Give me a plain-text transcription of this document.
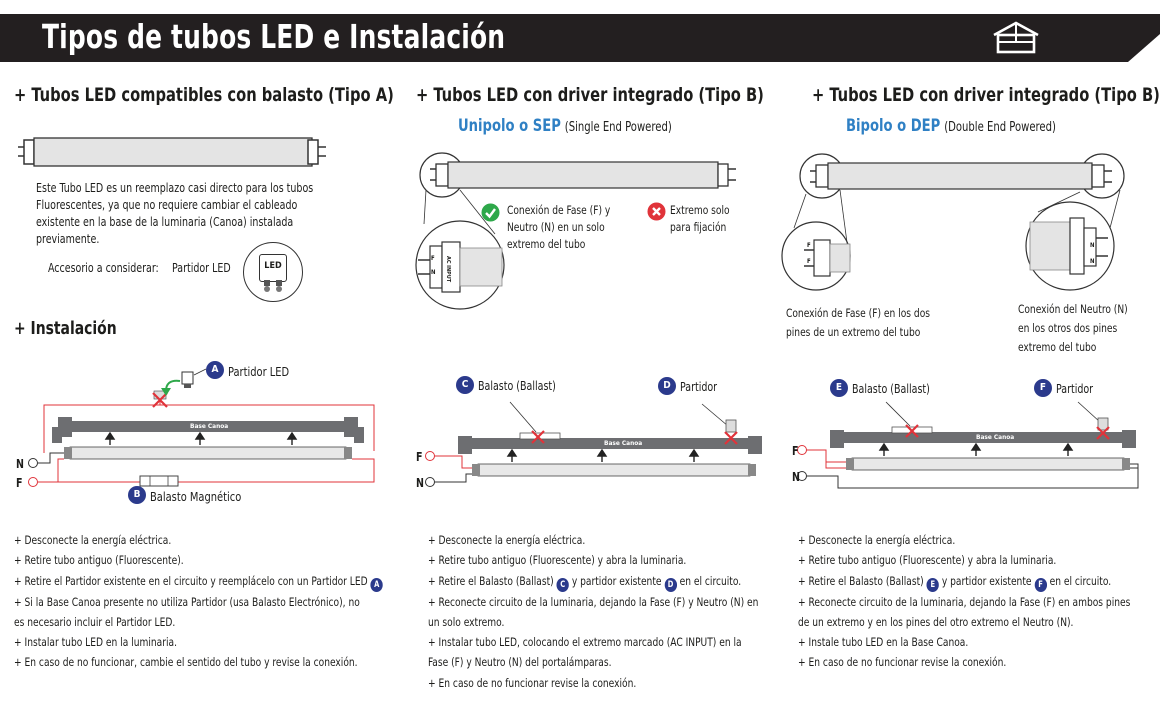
Tipos de tubos LED e Instalación
+ Tubos LED compatibles con balasto (Tipo A)
Este Tubo LED es un reemplazo casi directo para los tubos Fluorescentes, ya que no requiere cambiar el cableado existente en la base de la luminaria (Canoa) instalada previamente.
Accesorio a considerar: Partidor LED	LED
+ Instalación
A Partidor LED
Base Canoa
N
F
B Balasto Magnético
+ Desconecte la energía eléctrica.
+ Retire tubo antiguo (Fluorescente).
+ Retire el Partidor existente en el circuito y reemplácelo con un Partidor LED A
+ Si la Base Canoa presente no utiliza Partidor (usa Balasto Electrónico), no
es necesario incluir el Partidor LED.
+ Instalar tubo LED en la luminaria.
+ En caso de no funcionar, cambie el sentido del tubo y revise la conexión.
+ Tubos LED con driver integrado (Tipo B)
Unipolo o SEP (Single End Powered)
F
N AC INPUT
Conexión de Fase (F) y Neutro (N) en un solo extremo del tubo
Extremo solo para fijación
C Balasto (Ballast)	D Partidor
Base Canoa
F
N
+ Desconecte la energía eléctrica.
+ Retire tubo antiguo (Fluorescente) y abra la luminaria.
+ Retire el Balasto (Ballast) C y partidor existente D en el circuito.
+ Reconecte circuito de la luminaria, dejando la Fase (F) y Neutro (N) en
un solo extremo.
+ Instalar tubo LED, colocando el extremo marcado (AC INPUT) en la
Fase (F) y Neutro (N) del portalámparas.
+ En caso de no funcionar revise la conexión.
+ Tubos LED con driver integrado (Tipo B)
Bipolo o DEP (Double End Powered)
F
F
N
N
Conexión de Fase (F) en los dos pines de un extremo del tubo
Conexión del Neutro (N) en los otros dos pines extremo del tubo
E Balasto (Ballast)	F Partidor
Base Canoa
F
N
+ Desconecte la energía eléctrica.
+ Retire tubo antiguo (Fluorescente) y abra la luminaria.
+ Retire el Balasto (Ballast) E y partidor existente F en el circuito.
+ Reconecte circuito de la luminaria, dejando la Fase (F) en ambos pines
de un extremo y en los pines del otro extremo el Neutro (N).
+ Instale tubo LED en la Base Canoa.
+ En caso de no funcionar revise la conexión.
